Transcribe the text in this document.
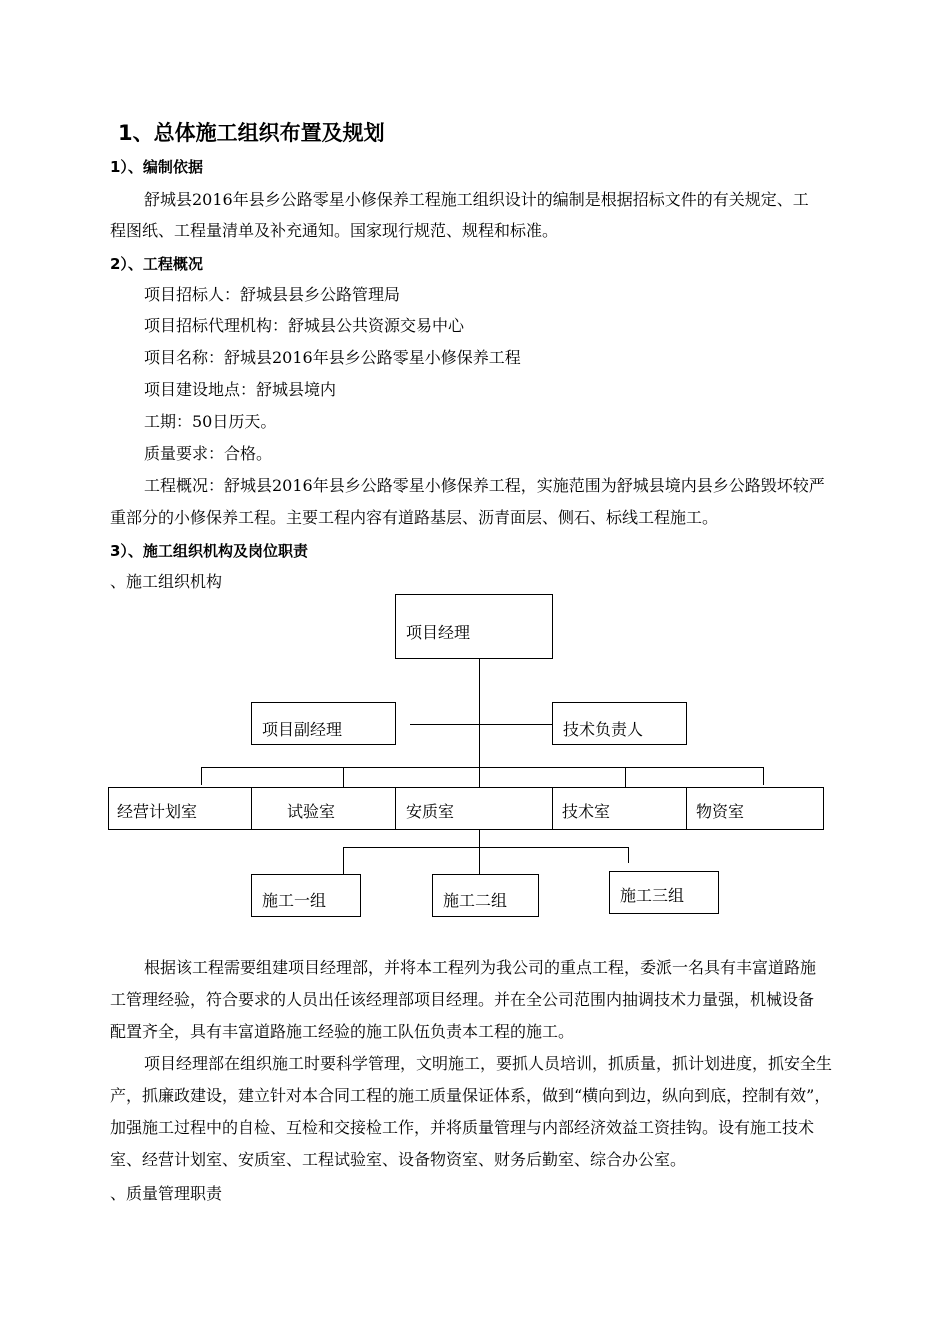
1、总体施工组织布置及规划
1）、编制依据
舒城县2016年县乡公路零星小修保养工程施工组织设计的编制是根据招标文件的有关规定、工
程图纸、工程量清单及补充通知。国家现行规范、规程和标准。
2）、工程概况
项目招标人：舒城县县乡公路管理局
项目招标代理机构：舒城县公共资源交易中心
项目名称：舒城县2016年县乡公路零星小修保养工程
项目建设地点：舒城县境内
工期：50日历天。
质量要求：合格。
工程概况：舒城县2016年县乡公路零星小修保养工程，实施范围为舒城县境内县乡公路毁坏较严
重部分的小修保养工程。主要工程内容有道路基层、沥青面层、侧石、标线工程施工。
3）、施工组织机构及岗位职责
、施工组织机构
项目经理
项目副经理	技术负责人
经营计划室	试验室	安质室	技术室	物资室
施工一组	施工二组	施工三组
根据该工程需要组建项目经理部，并将本工程列为我公司的重点工程，委派一名具有丰富道路施
工管理经验，符合要求的人员出任该经理部项目经理。并在全公司范围内抽调技术力量强，机械设备
配置齐全，具有丰富道路施工经验的施工队伍负责本工程的施工。
项目经理部在组织施工时要科学管理，文明施工，要抓人员培训，抓质量，抓计划进度，抓安全生
产，抓廉政建设，建立针对本合同工程的施工质量保证体系，做到“横向到边，纵向到底，控制有效”，
加强施工过程中的自检、互检和交接检工作，并将质量管理与内部经济效益工资挂钩。设有施工技术
室、经营计划室、安质室、工程试验室、设备物资室、财务后勤室、综合办公室。
、质量管理职责
